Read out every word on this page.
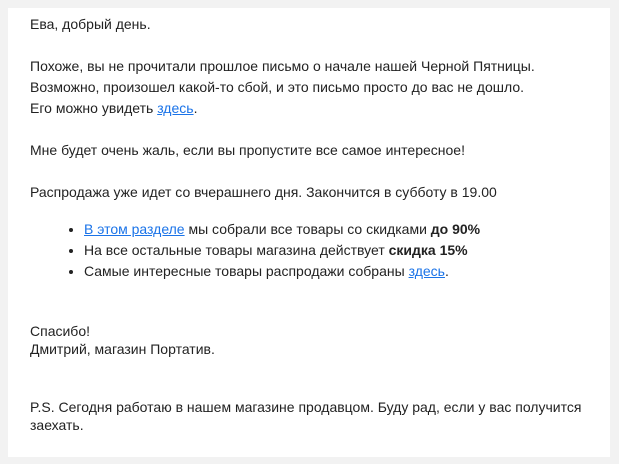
Ева, добрый день.

Похоже, вы не прочитали прошлое письмо о начале нашей Черной Пятницы.

Возможно, произошел какой-то сбой, и это письмо просто до вас не дошло.

Его можно увидеть здесь.

Мне будет очень жаль, если вы пропустите все самое интересное!

Распродажа уже идет со вчерашнего дня. Закончится в субботу в 19.00

• В этом разделе мы собрали все товары со скидками до 90%
• На все остальные товары магазина действует скидка 15%
• Самые интересные товары распродажи собраны здесь.

Спасибо!

Дмитрий, магазин Портатив.

P.S. Сегодня работаю в нашем магазине продавцом. Буду рад, если у вас получится заехать.
